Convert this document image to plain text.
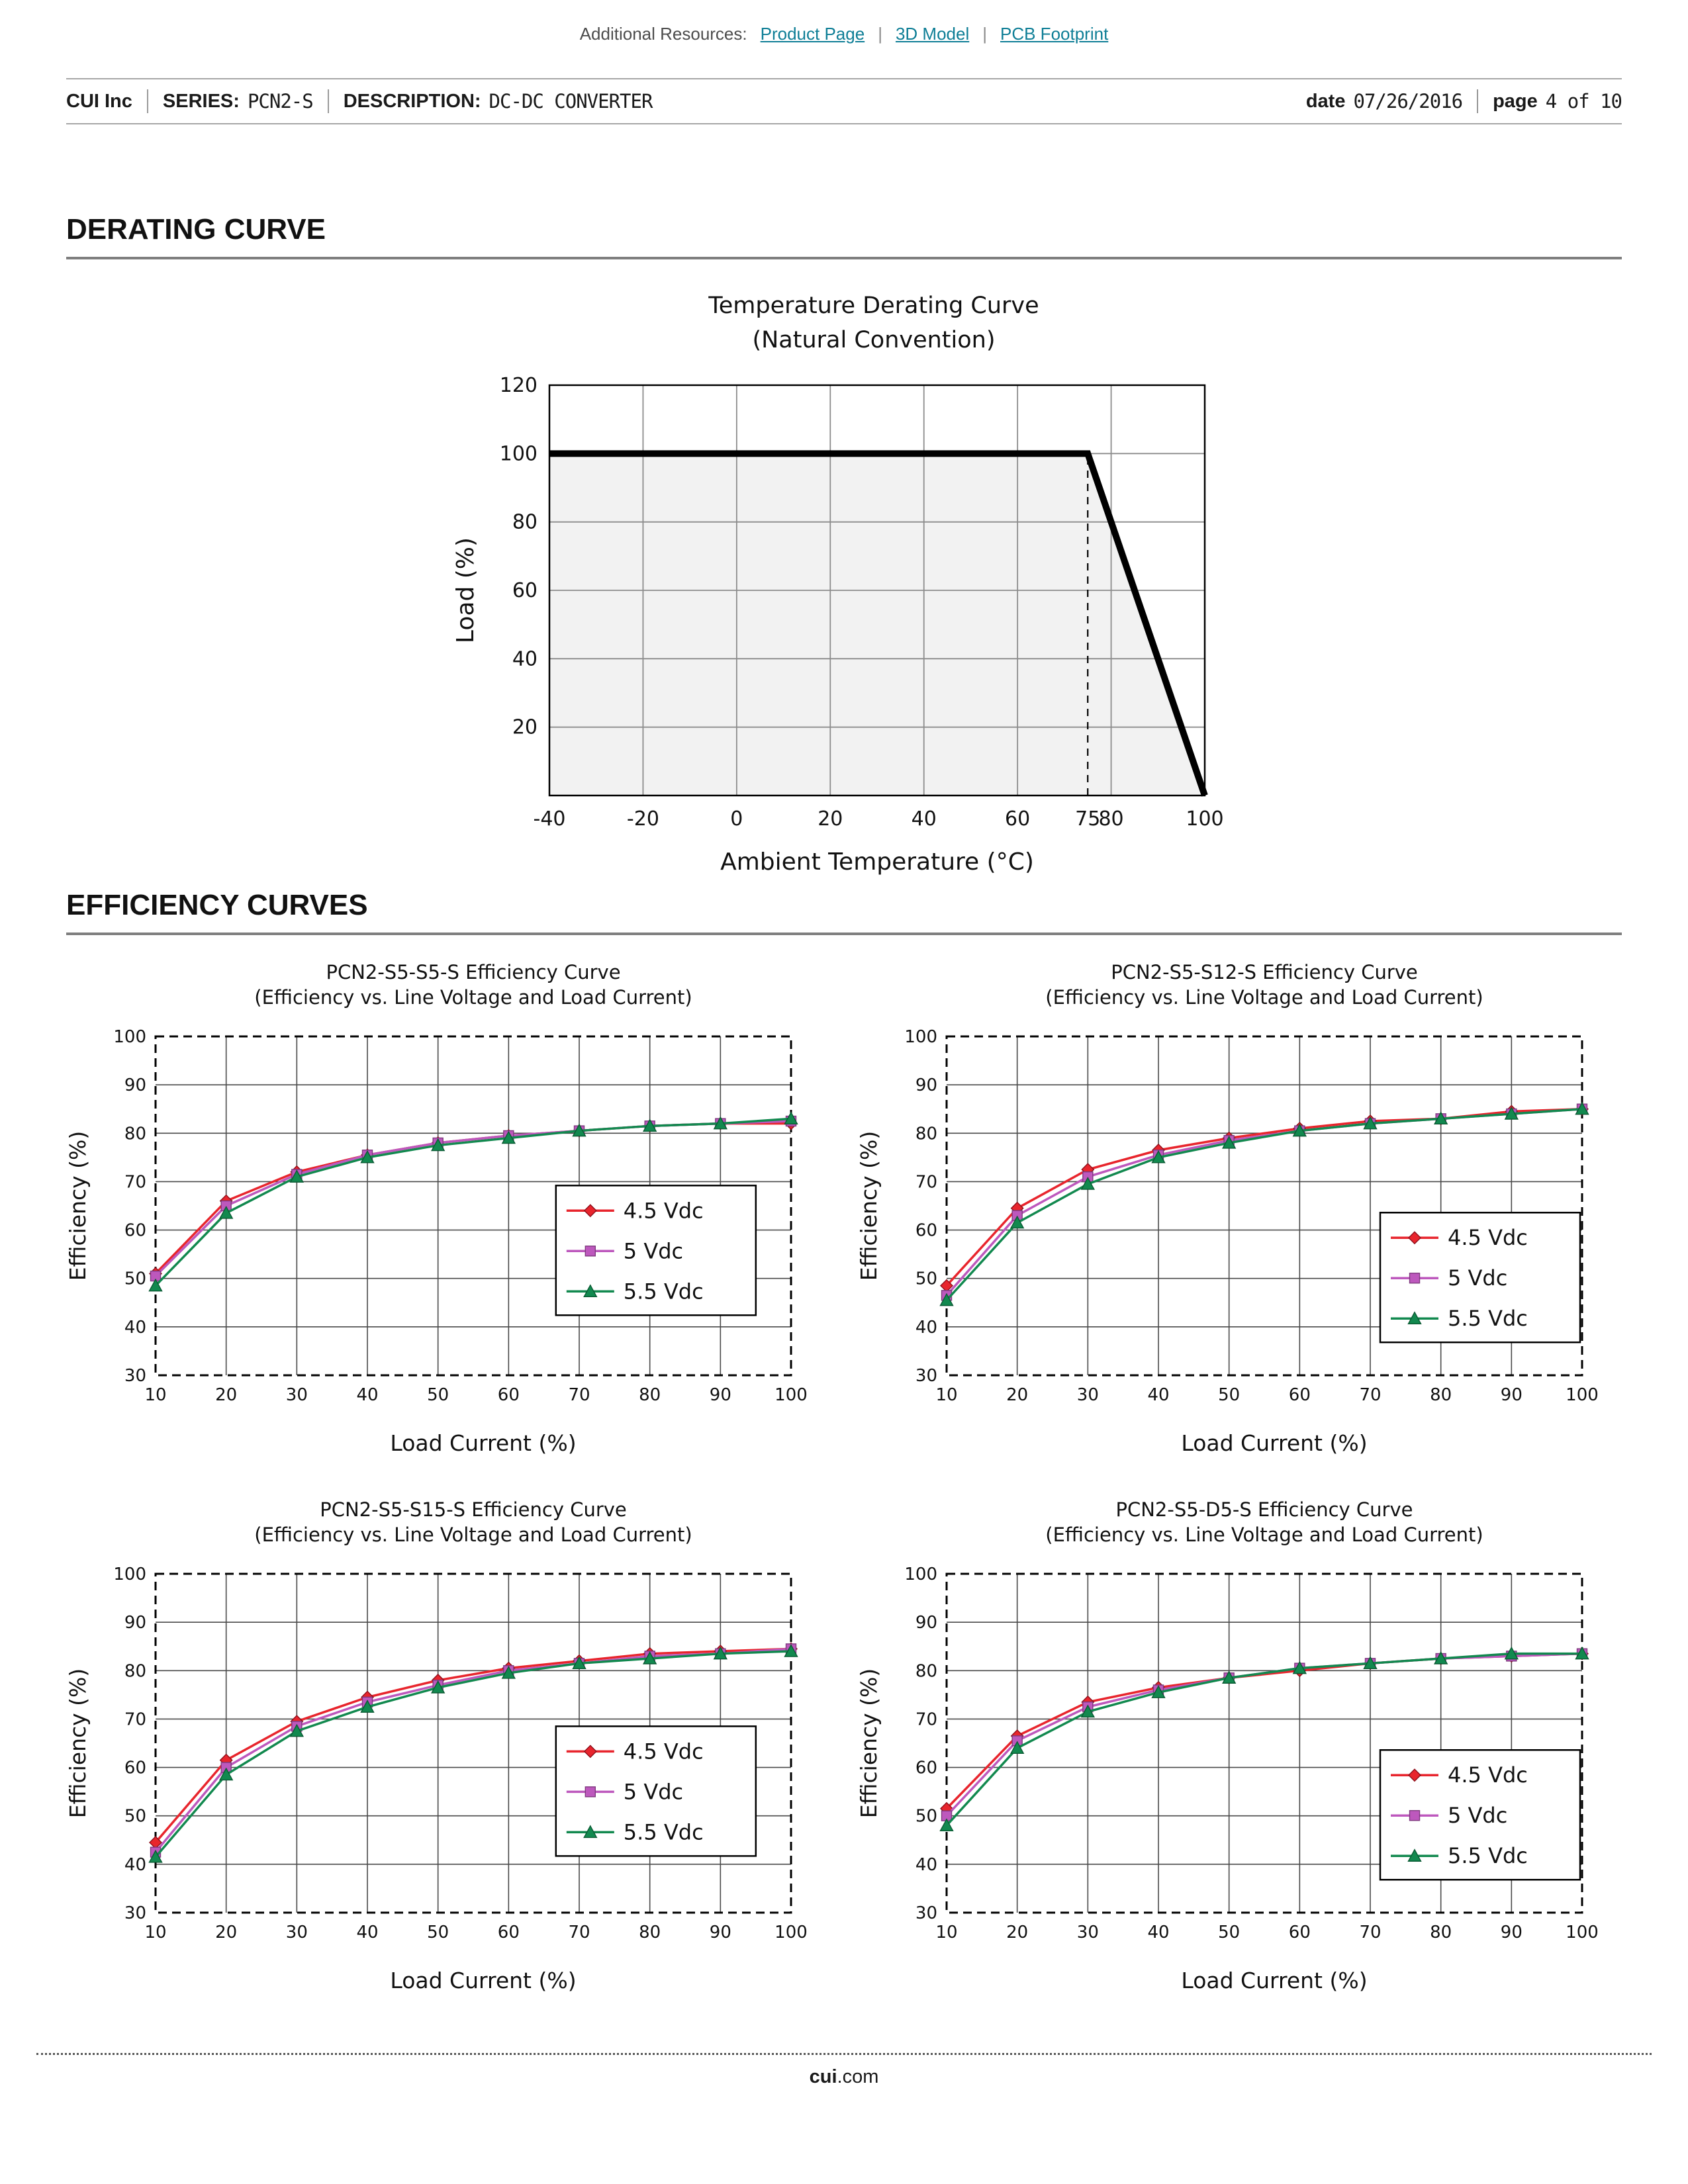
Additional Resources: Product Page | 3D Model | PCB Footprint
CUI Inc SERIES: PCN2-S DESCRIPTION: DC-DC CONVERTER	date 07/26/2016 page 4 of 10
DERATING CURVE
Temperature Derating Curve
(Natural Convention)
-40	-20	0	20	40	60 75
80	100
20
40
60
80
100
120
Ambient Temperature (°C)
Load (%)
EFFICIENCY CURVES
PCN2-S5-S5-S Efficiency Curve
(Efficiency vs. Line Voltage and Load Current)
10	20	30	40	50	60	70	80	90	100
30
40
50
60
70
80
90
100
Efficiency (%)	4.5 Vdc
5 Vdc
5.5 Vdc
Load Current (%)
PCN2-S5-S12-S Efficiency Curve
(Efficiency vs. Line Voltage and Load Current)
10	20	30	40	50	60	70	80	90	100
30
40
50
60
70
80
90
100
Efficiency (%)	4.5 Vdc
5 Vdc
5.5 Vdc
Load Current (%)
PCN2-S5-S15-S Efficiency Curve
(Efficiency vs. Line Voltage and Load Current)
10	20	30	40	50	60	70	80	90	100
30
40
50
60
70
80
90
100
Efficiency (%)	4.5 Vdc
5 Vdc
5.5 Vdc
Load Current (%)
PCN2-S5-D5-S Efficiency Curve
(Efficiency vs. Line Voltage and Load Current)
10	20	30	40	50	60	70	80	90	100
30
40
50
60
70
80
90
100
Efficiency (%)	4.5 Vdc
5 Vdc
5.5 Vdc
Load Current (%)
cui.com
